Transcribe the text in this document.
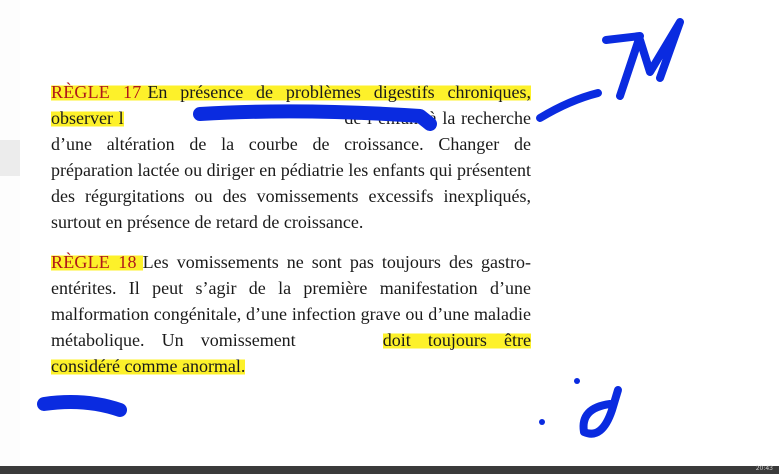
RÈGLE 17 En présence de problèmes digestifs chroniques, observer l	de l’enfant à la recherche d’une altération de la courbe de croissance. Changer de préparation lactée ou diriger en pédiatrie les enfants qui présentent des régurgitations ou des vomissements excessifs inexpliqués, surtout en présence de retard de croissance.

RÈGLE 18 Les vomissements ne sont pas toujours des gastro-entérites. Il peut s’agir de la première manifestation d’une malformation congénitale, d’une infection grave ou d’une maladie métabolique. Un vomissement	doit toujours être considéré comme anormal.

20:43
